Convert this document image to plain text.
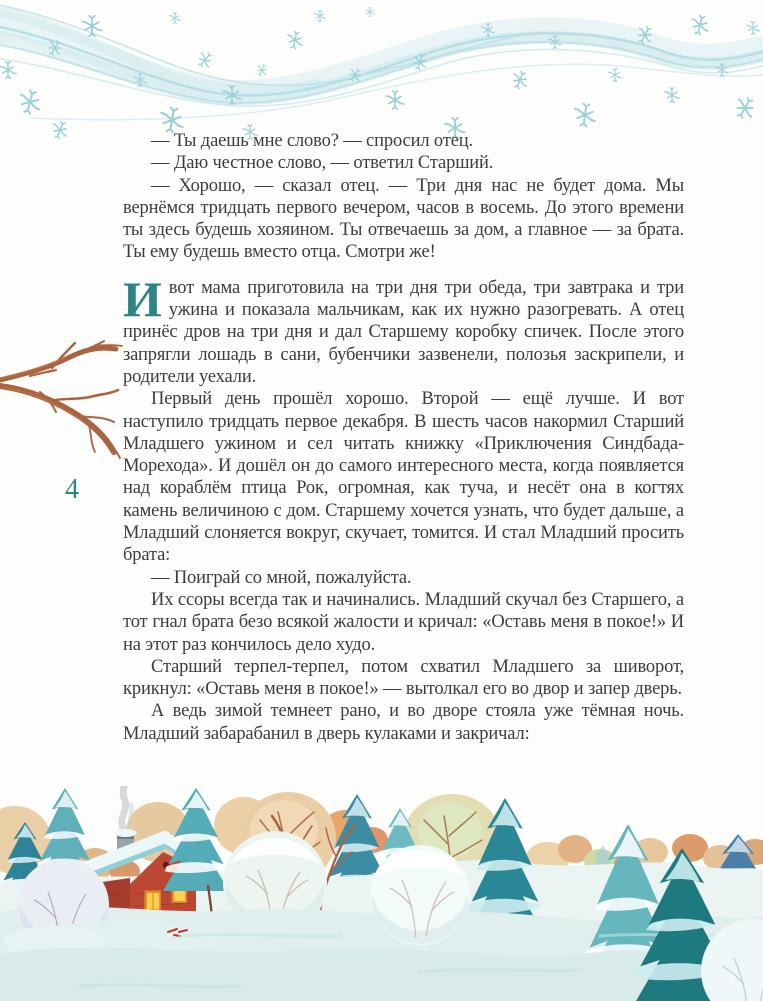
4

— Ты даешь мне слово? — спросил отец.

— Даю честное слово, — ответил Старший.

— Хорошо, — сказал отец. — Три дня нас не будет дома. Мы вернёмся тридцать первого вечером, часов в восемь. До этого времени ты здесь будешь хозяином. Ты отвечаешь за дом, а главное — за брата. Ты ему будешь вместо отца. Смотри же!

Ивот мама приготовила на три дня три обеда, три завтрака и три ужина и показала мальчикам, как их нужно разогревать. А отец принёс дров на три дня и дал Старшему коробку спичек. После этого запрягли лошадь в сани, бубенчики зазвенели, полозья заскрипели, и родители уехали.

Первый день прошёл хорошо. Второй — ещё лучше. И вот наступило тридцать первое декабря. В шесть часов накормил Старший Младшего ужином и сел читать книжку «Приключения Синдбада-Морехода». И дошёл он до самого интересного места, когда появляется над кораблём птица Рок, огромная, как туча, и несёт она в когтях камень величиною с дом. Старшему хочется узнать, что будет дальше, а Младший слоняется вокруг, скучает, томится. И стал Младший просить брата:

— Поиграй со мной, пожалуйста.

Их ссоры всегда так и начинались. Младший скучал без Старшего, а тот гнал брата безо всякой жалости и кричал: «Оставь меня в покое!» И на этот раз кончилось дело худо.

Старший терпел-терпел, потом схватил Младшего за шиворот, крикнул: «Оставь меня в покое!» — вытолкал его во двор и запер дверь.

А ведь зимой темнеет рано, и во дворе стояла уже тёмная ночь. Младший забарабанил в дверь кулаками и закричал:
